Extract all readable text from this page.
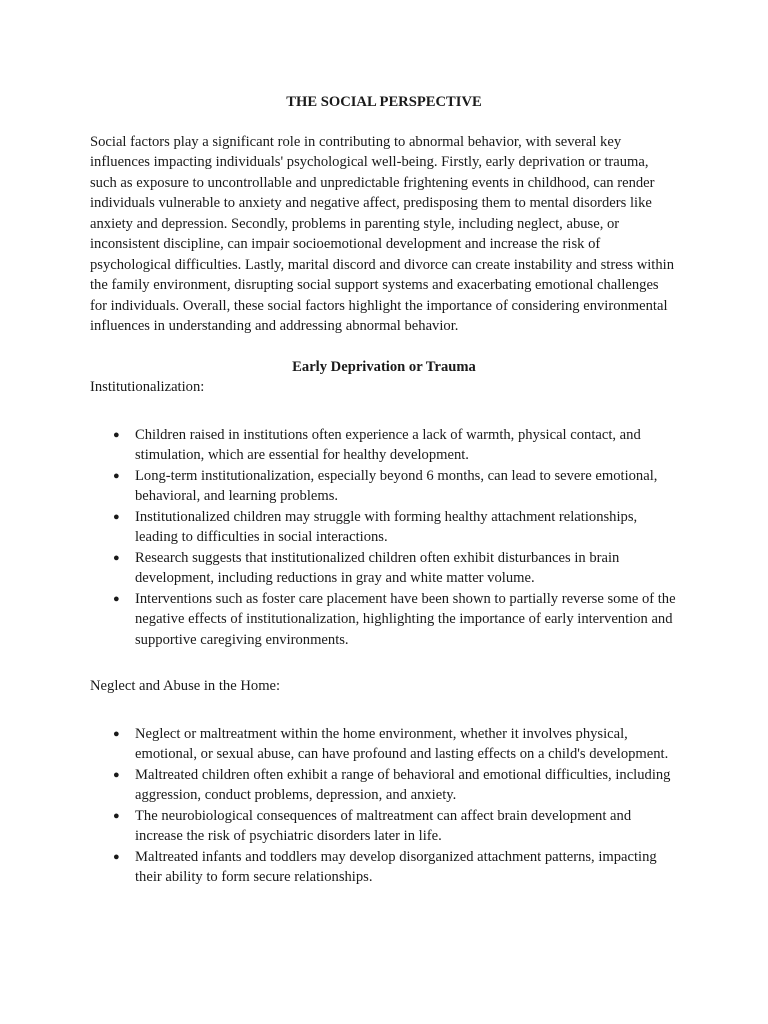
THE SOCIAL PERSPECTIVE

Social factors play a significant role in contributing to abnormal behavior, with several key influences impacting individuals' psychological well-being. Firstly, early deprivation or trauma, such as exposure to uncontrollable and unpredictable frightening events in childhood, can render individuals vulnerable to anxiety and negative affect, predisposing them to mental disorders like anxiety and depression. Secondly, problems in parenting style, including neglect, abuse, or inconsistent discipline, can impair socioemotional development and increase the risk of psychological difficulties. Lastly, marital discord and divorce can create instability and stress within the family environment, disrupting social support systems and exacerbating emotional challenges for individuals. Overall, these social factors highlight the importance of considering environmental influences in understanding and addressing abnormal behavior.

Early Deprivation or Trauma

Institutionalization:

● Children raised in institutions often experience a lack of warmth, physical contact, and stimulation, which are essential for healthy development.
● Long-term institutionalization, especially beyond 6 months, can lead to severe emotional, behavioral, and learning problems.
● Institutionalized children may struggle with forming healthy attachment relationships, leading to difficulties in social interactions.
● Research suggests that institutionalized children often exhibit disturbances in brain development, including reductions in gray and white matter volume.
● Interventions such as foster care placement have been shown to partially reverse some of the negative effects of institutionalization, highlighting the importance of early intervention and supportive caregiving environments.

Neglect and Abuse in the Home:

● Neglect or maltreatment within the home environment, whether it involves physical, emotional, or sexual abuse, can have profound and lasting effects on a child's development.
● Maltreated children often exhibit a range of behavioral and emotional difficulties, including aggression, conduct problems, depression, and anxiety.
● The neurobiological consequences of maltreatment can affect brain development and increase the risk of psychiatric disorders later in life.
● Maltreated infants and toddlers may develop disorganized attachment patterns, impacting their ability to form secure relationships.
